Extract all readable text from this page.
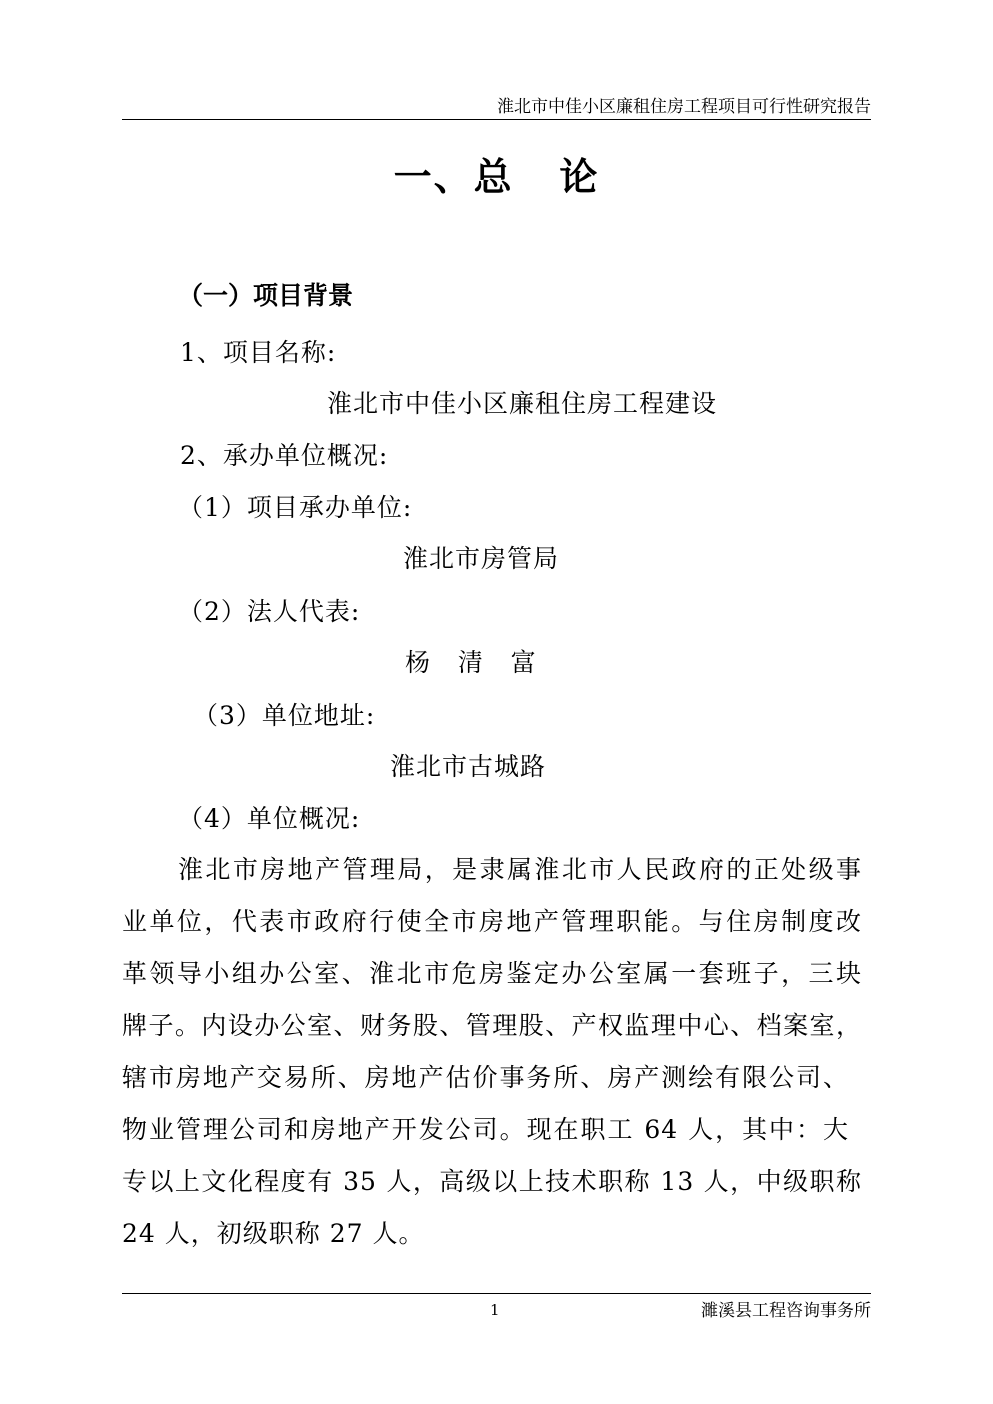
淮北市中佳小区廉租住房工程项目可行性研究报告
一、总   论
（一）项目背景
1、项目名称:
淮北市中佳小区廉租住房工程建设
2、承办单位概况:
（1）项目承办单位:
淮北市房管局
（2）法人代表:
杨   清   富
（3）单位地址:
淮北市古城路
（4）单位概况:
淮北市房地产管理局，是隶属淮北市人民政府的正处级事
业单位，代表市政府行使全市房地产管理职能。与住房制度改
革领导小组办公室、淮北市危房鉴定办公室属一套班子，三块
牌子。内设办公室、财务股、管理股、产权监理中心、档案室，
辖市房地产交易所、房地产估价事务所、房产测绘有限公司、
物业管理公司和房地产开发公司。现在职工 64 人，其中：大
专以上文化程度有 35 人，高级以上技术职称 13 人，中级职称
24 人，初级职称 27 人。
1	濉溪县工程咨询事务所
